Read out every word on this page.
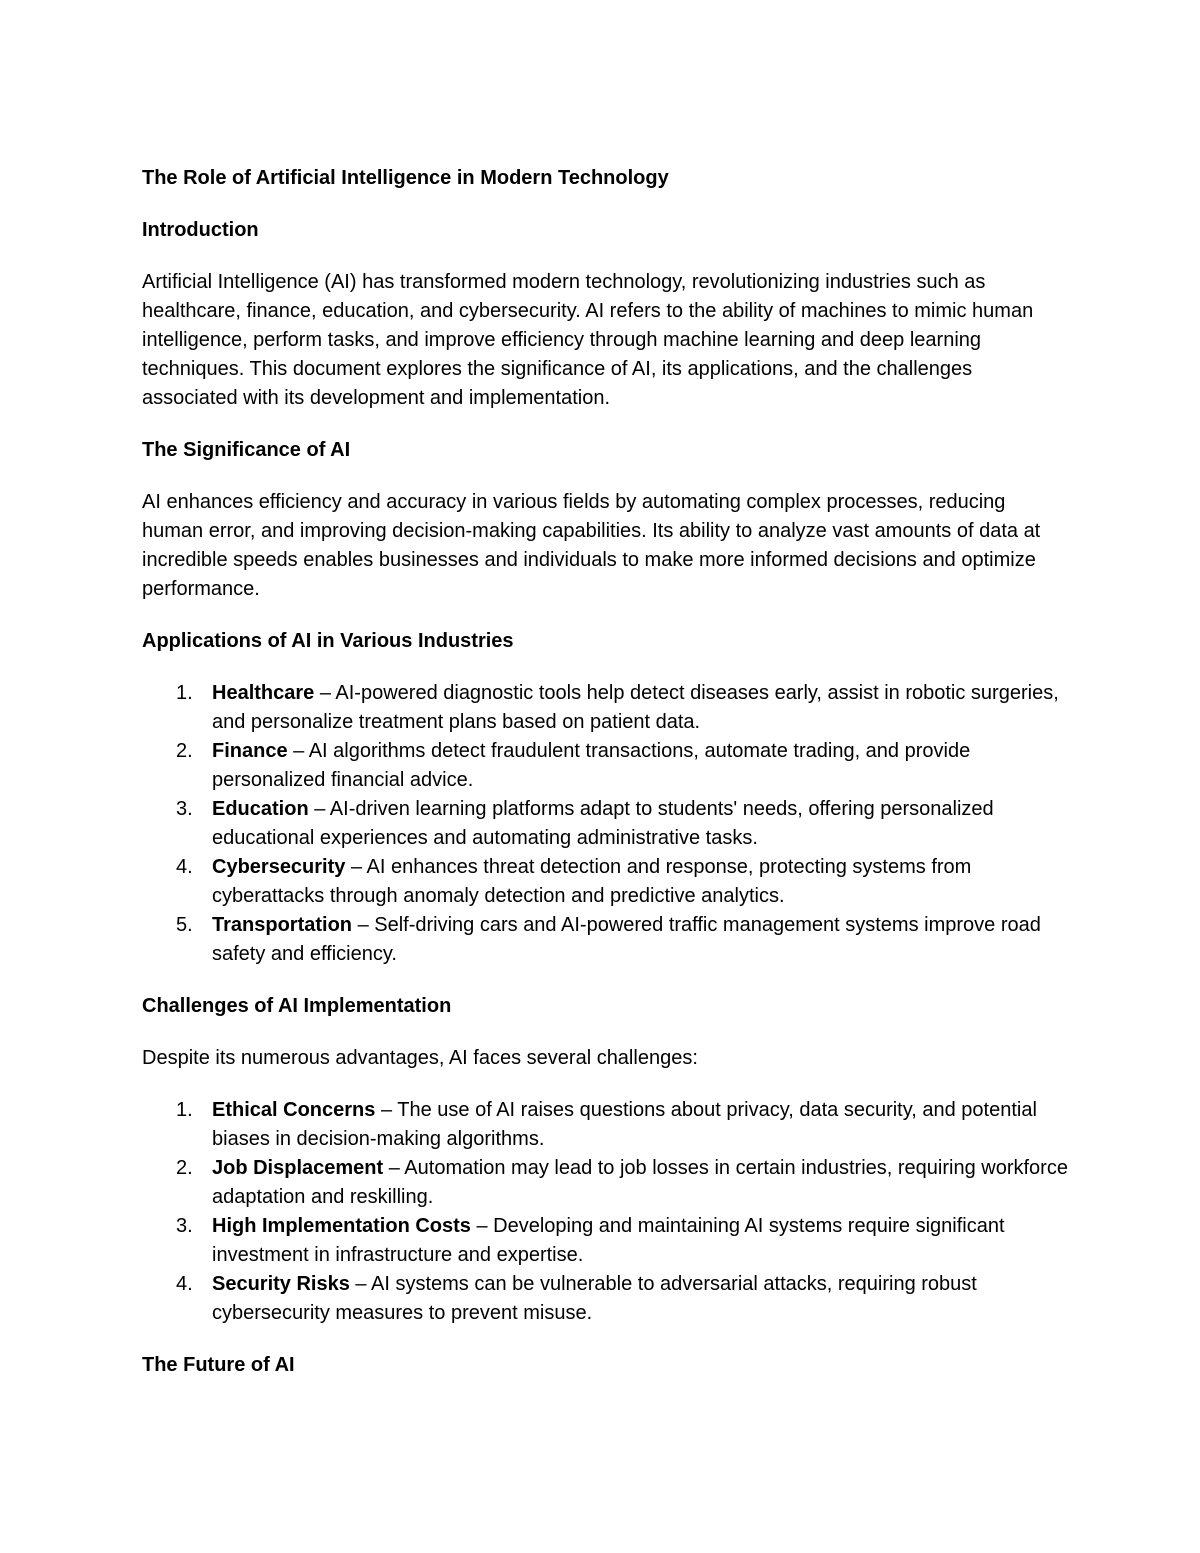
The Role of Artificial Intelligence in Modern Technology
Introduction

Artificial Intelligence (AI) has transformed modern technology, revolutionizing industries such as healthcare, finance, education, and cybersecurity. AI refers to the ability of machines to mimic human intelligence, perform tasks, and improve efficiency through machine learning and deep learning techniques. This document explores the significance of AI, its applications, and the challenges associated with its development and implementation.

The Significance of AI

AI enhances efficiency and accuracy in various fields by automating complex processes, reducing human error, and improving decision-making capabilities. Its ability to analyze vast amounts of data at incredible speeds enables businesses and individuals to make more informed decisions and optimize performance.

Applications of AI in Various Industries
1. Healthcare – AI-powered diagnostic tools help detect diseases early, assist in robotic surgeries, and personalize treatment plans based on patient data.
2. Finance – AI algorithms detect fraudulent transactions, automate trading, and provide personalized financial advice.
3. Education – AI-driven learning platforms adapt to students' needs, offering personalized educational experiences and automating administrative tasks.
4. Cybersecurity – AI enhances threat detection and response, protecting systems from cyberattacks through anomaly detection and predictive analytics.
5. Transportation – Self-driving cars and AI-powered traffic management systems improve road safety and efficiency.
Challenges of AI Implementation

Despite its numerous advantages, AI faces several challenges:

1. Ethical Concerns – The use of AI raises questions about privacy, data security, and potential biases in decision-making algorithms.
2. Job Displacement – Automation may lead to job losses in certain industries, requiring workforce adaptation and reskilling.
3. High Implementation Costs – Developing and maintaining AI systems require significant investment in infrastructure and expertise.
4. Security Risks – AI systems can be vulnerable to adversarial attacks, requiring robust cybersecurity measures to prevent misuse.
The Future of AI
